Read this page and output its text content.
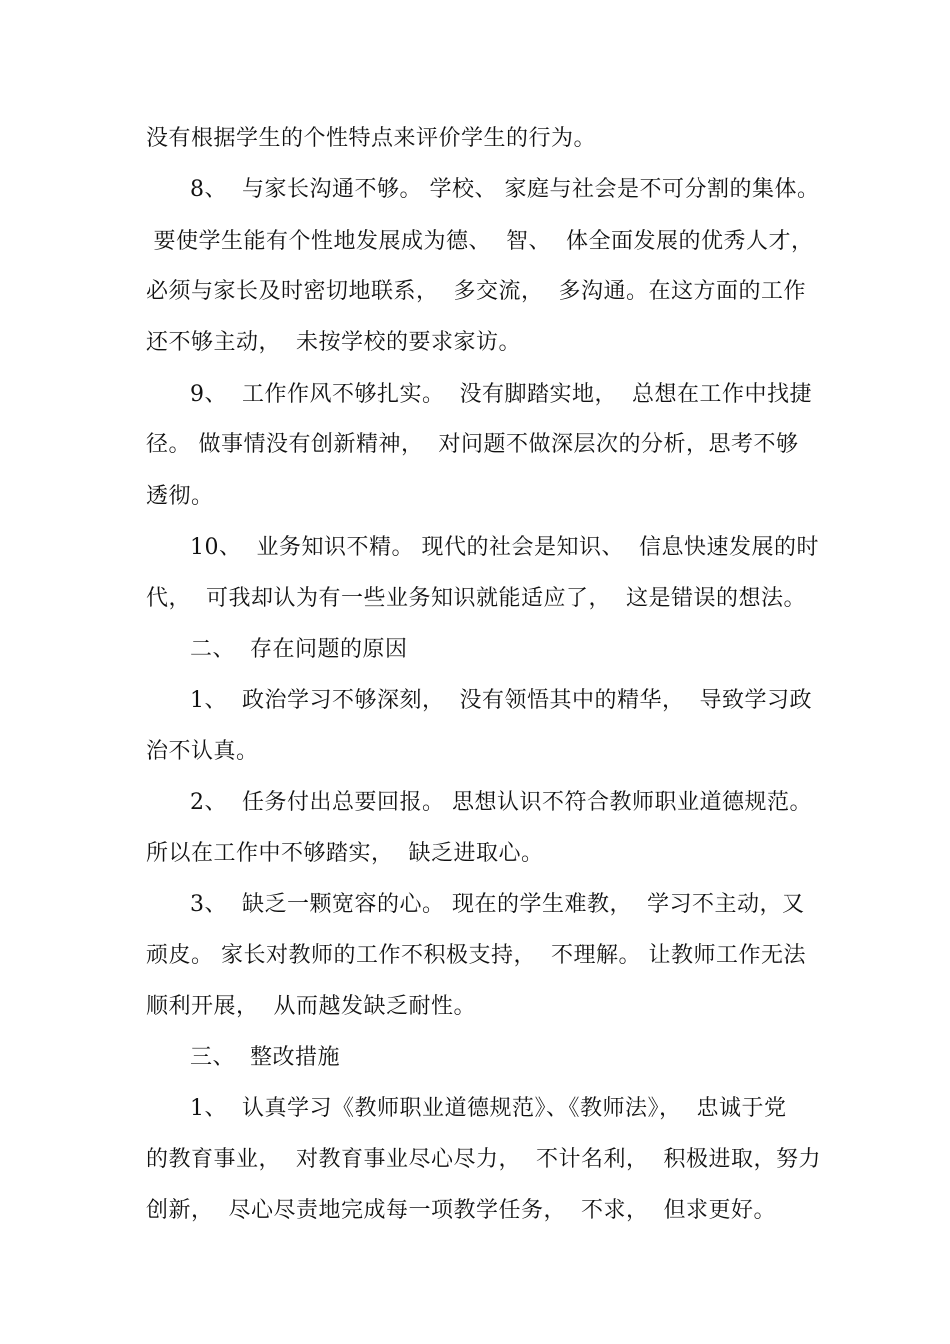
没有根据学生的个性特点来评价学生的行为。
8、  与家长沟通不够。 学校、 家庭与社会是不可分割的集体。
要使学生能有个性地发展成为德、  智、  体全面发展的优秀人才，
必须与家长及时密切地联系，  多交流，  多沟通。在这方面的工作
还不够主动，  未按学校的要求家访。
9、  工作作风不够扎实。  没有脚踏实地，  总想在工作中找捷
径。 做事情没有创新精神，  对问题不做深层次的分析，思考不够
透彻。
10、  业务知识不精。 现代的社会是知识、  信息快速发展的时
代，  可我却认为有一些业务知识就能适应了，  这是错误的想法。
二、  存在问题的原因
1、  政治学习不够深刻，  没有领悟其中的精华，  导致学习政
治不认真。
2、  任务付出总要回报。 思想认识不符合教师职业道德规范。
所以在工作中不够踏实，  缺乏进取心。
3、  缺乏一颗宽容的心。 现在的学生难教，  学习不主动，又
顽皮。 家长对教师的工作不积极支持，  不理解。 让教师工作无法
顺利开展，  从而越发缺乏耐性。
三、  整改措施
1、  认真学习《教师职业道德规范》、《教师法》，  忠诚于党
的教育事业，  对教育事业尽心尽力，  不计名利，  积极进取，努力
创新，  尽心尽责地完成每一项教学任务，  不求，  但求更好。
